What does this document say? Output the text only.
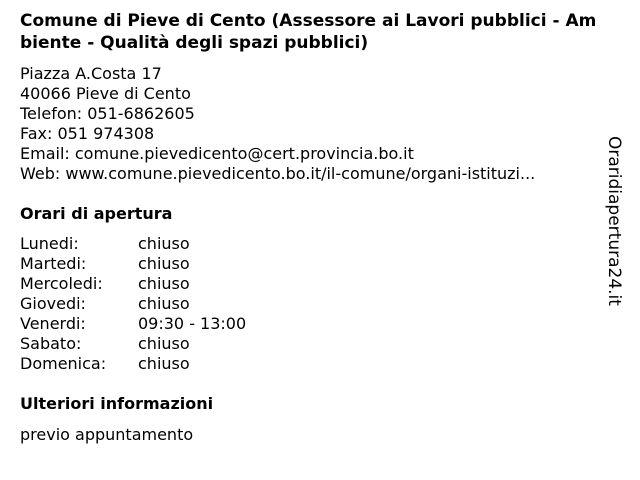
Comune di Pieve di Cento (Assessore ai Lavori pubblici - Ambiente - Qualità degli spazi pubblici)
Piazza A.Costa 17
40066 Pieve di Cento
Telefon: 051-6862605
Fax: 051 974308
Email: comune.pievedicento@cert.provincia.bo.it
Web: www.comune.pievedicento.bo.it/il-comune/organi-istituzi...
Orari di apertura
Lunedi:	chiuso
Martedi:	chiuso
Mercoledi:	chiuso
Giovedi:	chiuso
Venerdi:	09:30 - 13:00
Sabato:	chiuso
Domenica:	chiuso
Ulteriori informazioni
previo appuntamento
Oraridiapertura24.it
